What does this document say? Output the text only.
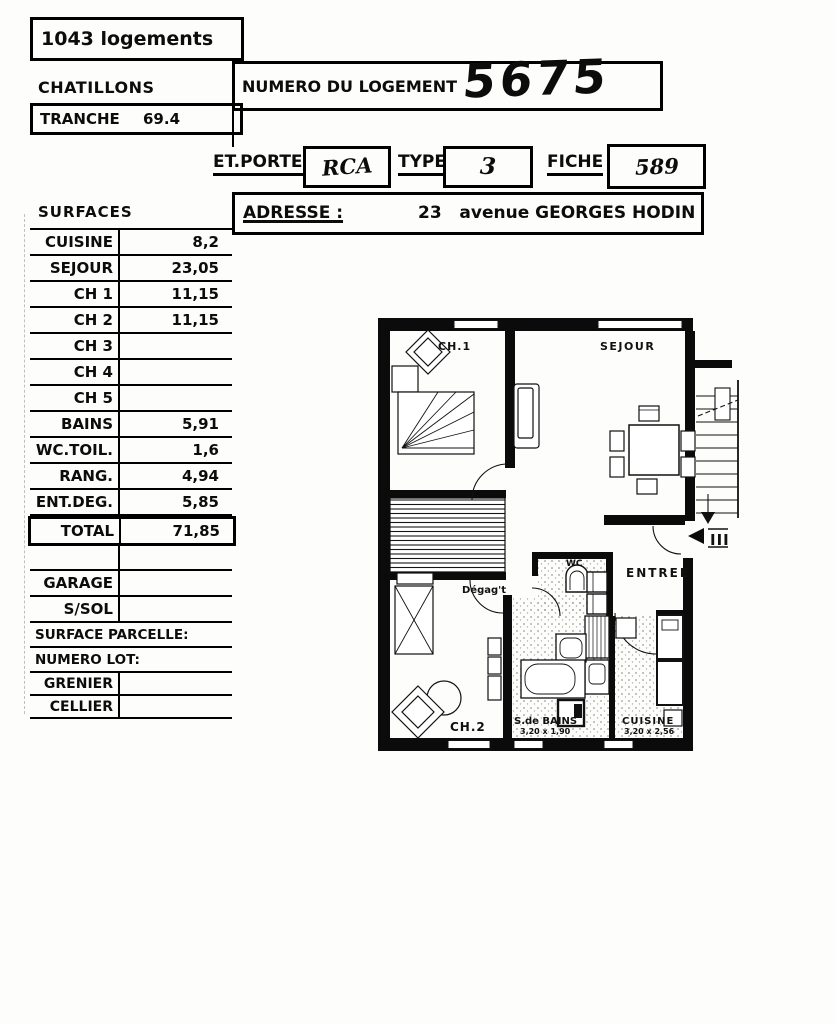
1043 logements
CHATILLONS
TRANCHE 69.4
NUMERO DU LOGEMENT 5675
ET.PORTE RCA	TYPE	3	FICHE	589
ADRESSE :	23   avenue GEORGES HODIN
SURFACES
CUISINE	8,2
SEJOUR	23,05
CH 1	11,15
CH 2	11,15
CH 3
CH 4
CH 5
BAINS	5,91
WC.TOIL.	1,6
RANG.	4,94
ENT.DEG.	5,85
TOTAL	71,85
GARAGE
S/SOL
SURFACE PARCELLE:
NUMERO LOT:
GRENIER
CELLIER
III
CH.1	SEJOUR
WC
ENTREE
Dégag't
CH.2	S.de BAINS
3,20 x 1,90
CUISINE
3,20 x 2,56
